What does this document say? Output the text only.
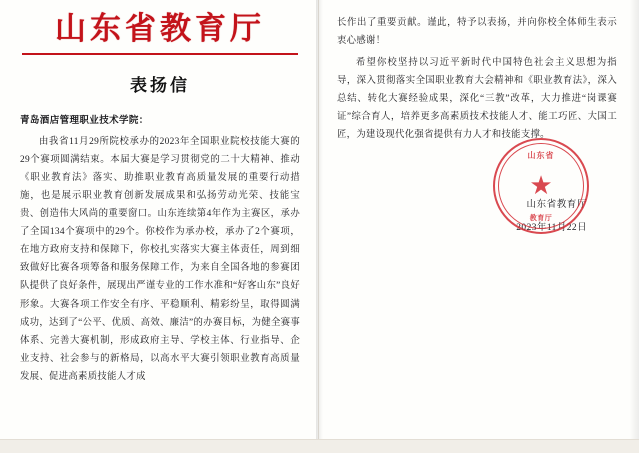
山东省教育厅
表扬信
青岛酒店管理职业技术学院：

由我省11月29所院校承办的2023年全国职业院校技能大赛的29个赛项圆满结束。本届大赛是学习贯彻党的二十大精神、推动《职业教育法》落实、助推职业教育高质量发展的重要行动措施，也是展示职业教育创新发展成果和弘扬劳动光荣、技能宝贵、创造伟大风尚的重要窗口。山东连续第4年作为主赛区，承办了全国134个赛项中的29个。你校作为承办校，承办了2个赛项，在地方政府支持和保障下，你校扎实落实大赛主体责任，周到细致做好比赛各项筹备和服务保障工作，为来自全国各地的参赛团队提供了良好条件，展现出严谨专业的工作水准和“好客山东”良好形象。大赛各项工作安全有序、平稳顺利、精彩纷呈，取得圆满成功，达到了“公平、优质、高效、廉洁”的办赛目标，为健全赛事体系、完善大赛机制，形成政府主导、学校主体、行业指导、企业支持、社会参与的新格局，以高水平大赛引领职业教育高质量发展、促进高素质技能人才成

长作出了重要贡献。谨此，特予以表扬，并向你校全体师生表示衷心感谢！

希望你校坚持以习近平新时代中国特色社会主义思想为指导，深入贯彻落实全国职业教育大会精神和《职业教育法》，深入总结、转化大赛经验成果，深化“三教”改革，大力推进“岗课赛证”综合育人，培养更多高素质技术技能人才、能工巧匠、大国工匠，为建设现代化强省提供有力人才和技能支撑。

山东省
★
教育厅
山东省教育厅
2023年11月22日
